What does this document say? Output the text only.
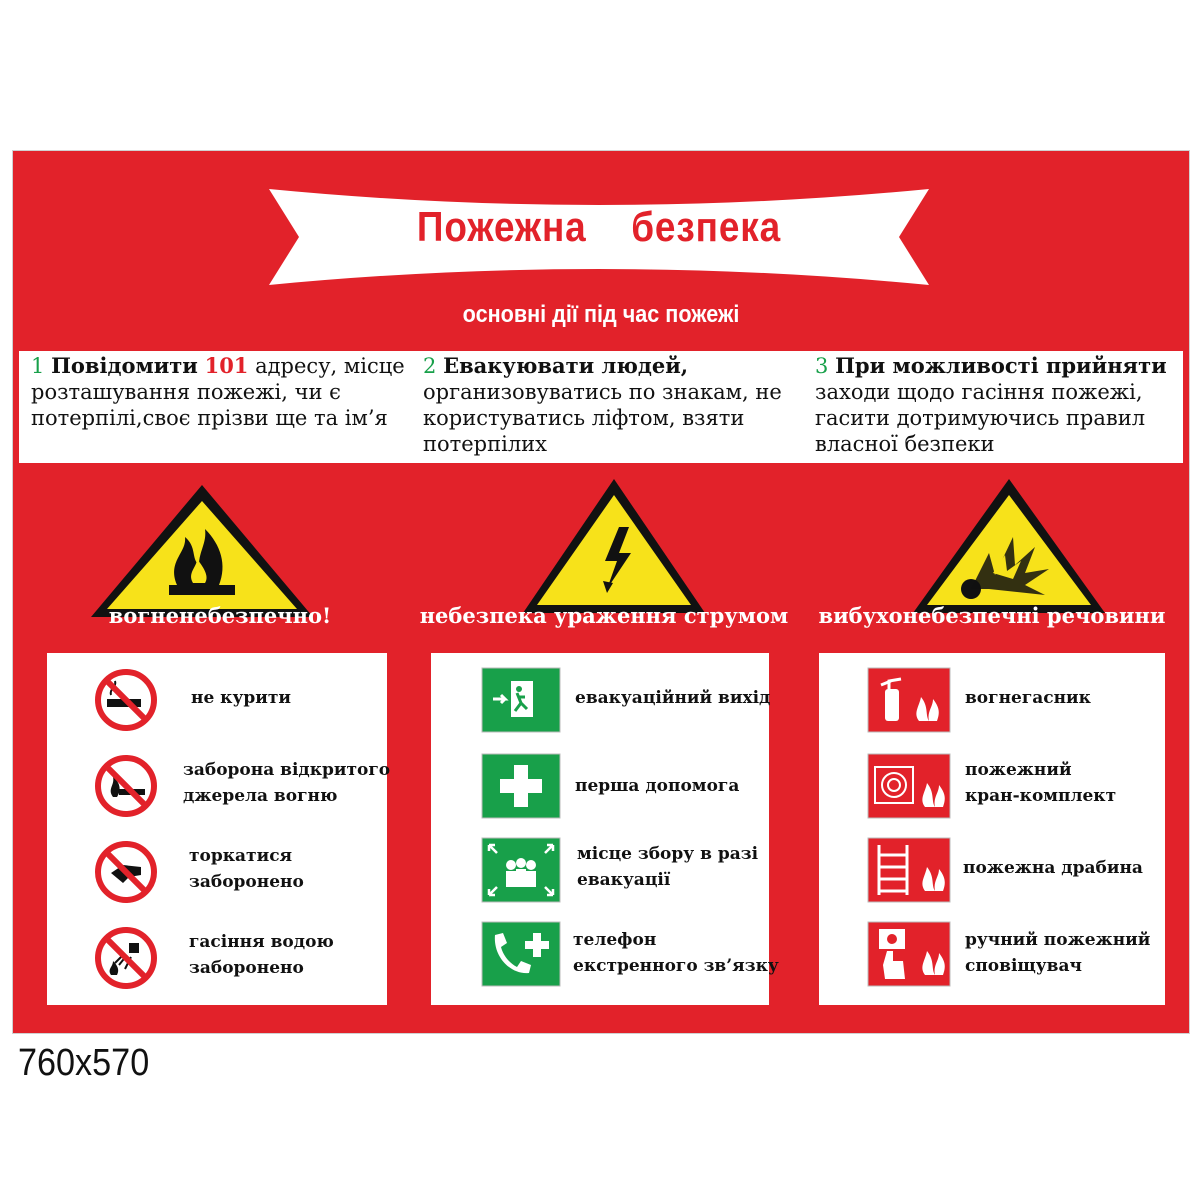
Пожежна    безпека
основні дії під час пожежі
1 Повідомити 101 адресу, місце розташування пожежі, чи є потерпілі,своє прізви ще та ім’я
2 Евакуювати людей, организовуватись по знакам, не користуватись ліфтом, взяти потерпілих
3 При можливості прийняти заходи щодо гасіння пожежі, гасити дотримуючись правил власної безпеки
вогненебезпечно!	небезпека ураження струмом	вибухонебезпечні речовини
не курити
заборона відкритого
джерела вогню
торкатися
заборонено
гасіння водою
заборонено
евакуаційний вихід
перша допомога
місце збору в разі
евакуації
телефон
екстренного зв’язку
вогнегасник
пожежний
кран-комплект
пожежна драбина
ручний пожежний
сповіщувач
760x570
